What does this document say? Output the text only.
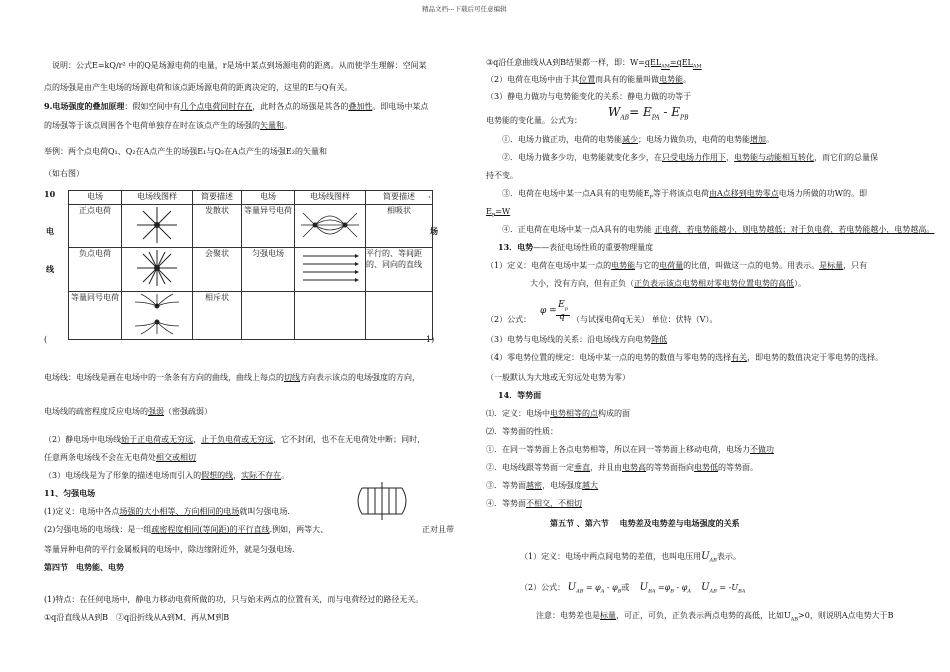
精品文档---下载后可任意编辑
说明：公式E=kQ/r² 中的Q是场源电荷的电量，r是场中某点到场源电荷的距离。从而使学生理解：空间某
点的场强是由产生电场的场源电荷和该点距场源电荷的距离决定的，这里的E与Q有关。
9.电场强度的叠加原理：假如空间中有几个点电荷同时存在，此时各点的场强是其各的叠加性。即电场中某点
的场强等于该点周围各个电荷单独存在时在该点产生的场强的矢量和。
举例：两个点电荷Q₁、Q₂在A点产生的场强E₁与Q₂在A点产生的场强E₂的矢量和
（如右图）
10
电
线
场
、
(	1)
电场	电场线图样	简要描述	电场	电场线图样	简要描述
正点电荷		发散状	等量异号电荷		相吸状
负点电荷		会聚状	匀强电场		平行的、等间距的、同向的直线
等量同号电荷		相斥状			
电场线：电场线是画在电场中的一条条有方向的曲线，曲线上每点的切线方向表示该点的电场强度的方向，
电场线的疏密程度反应电场的强弱（密强疏弱）
（2）静电场中电场线始于正电荷或无穷远，止于负电荷或无穷远，它不封闭，也不在无电荷处中断；同时，
任意两条电场线不会在无电荷处相交或相切
（3）电场线是为了形象的描述电场而引入的假想的线，实际不存在。
11、匀强电场
(1)定义：电场中各点场强的大小相等、方向相同的电场就叫匀强电场.
(2)匀强电场的电场线：是一组疏密程度相同(等间距)的平行直线.例如，两等大、	正对且带
等量异种电荷的平行金属板间的电场中，除边缘附近外，就是匀强电场.
第四节　电势能、电势
(1)特点：在任何电场中，静电力移动电荷所做的功，只与始末两点的位置有关，而与电荷经过的路径无关。
①q沿直线从A到B　②q沿折线从A到M、再从M到B
③q沿任意曲线从A到B结果都一样，即：W=qEL$_{AM}$=qEL$_{AM}$
（2）电荷在电场中由于其位置而具有的能量叫做电势能。
（3）静电力做功与电势能变化的关系：静电力做的功等于
$W_{AB}= E_{PA} - E_{PB}$
电势能的变化量。公式为：
①．电场力做正功，电荷的电势能减少；电场力做负功，电荷的电势能增加。
②．电场力做多少功，电势能就变化多少，在只受电场力作用下，电势能与动能相互转化，而它们的总量保
持不变。
③．电荷在电场中某一点A具有的电势能$E_P$等于将该点电荷由A点移到电势零点电场力所做的功W的。即
$E_P=W$
④．正电荷在电场中某一点A具有的电势能 正电荷，若电势能越小，则电势越低；对于负电荷，若电势能越小，电势越高。
13．电势——表征电场性质的重要物理量度
（1）定义：电荷在电场中某一点的电势能与它的电荷量的比值，叫做这一点的电势。用表示。是标量，只有
大小，没有方向，但有正负（正负表示该点电势相对零电势位置电势的高低）。
φ =
$E_p$
q
（2）公式：	（与试探电荷q无关） 单位：伏特（V）。
（3）电势与电场线的关系：沿电场线方向电势降低
（4）零电势位置的规定：电场中某一点的电势的数值与零电势的选择有关，即电势的数值决定于零电势的选择。
（一般默认为大地或无穷远处电势为零）
14．等势面
⑴．定义：电场中电势相等的点构成的面
⑵．等势面的性质：
①．在同一等势面上各点电势相等，所以在同一等势面上移动电荷，电场力不做功
②．电场线跟等势面一定垂直，并且由电势高的等势面指向电势低的等势面。
③．等势面越密，电场强度越大
④．等势面不相交，不相切
第五节 、第六节　 电势差及电势差与电场强度的关系
（1）定义：电场中两点间电势的差值，也叫电压用$U_{AB}$表示。
（2）公式： $U_{AB} = \varphi_A - \varphi_B$或 $U_{BA} =\varphi_B - \varphi_A$ $U_{AB} = -U_{BA}$
注意：电势差也是标量，可正，可负，正负表示两点电势的高低，比如$U_{AB}>0$，则说明A点电势大于B
